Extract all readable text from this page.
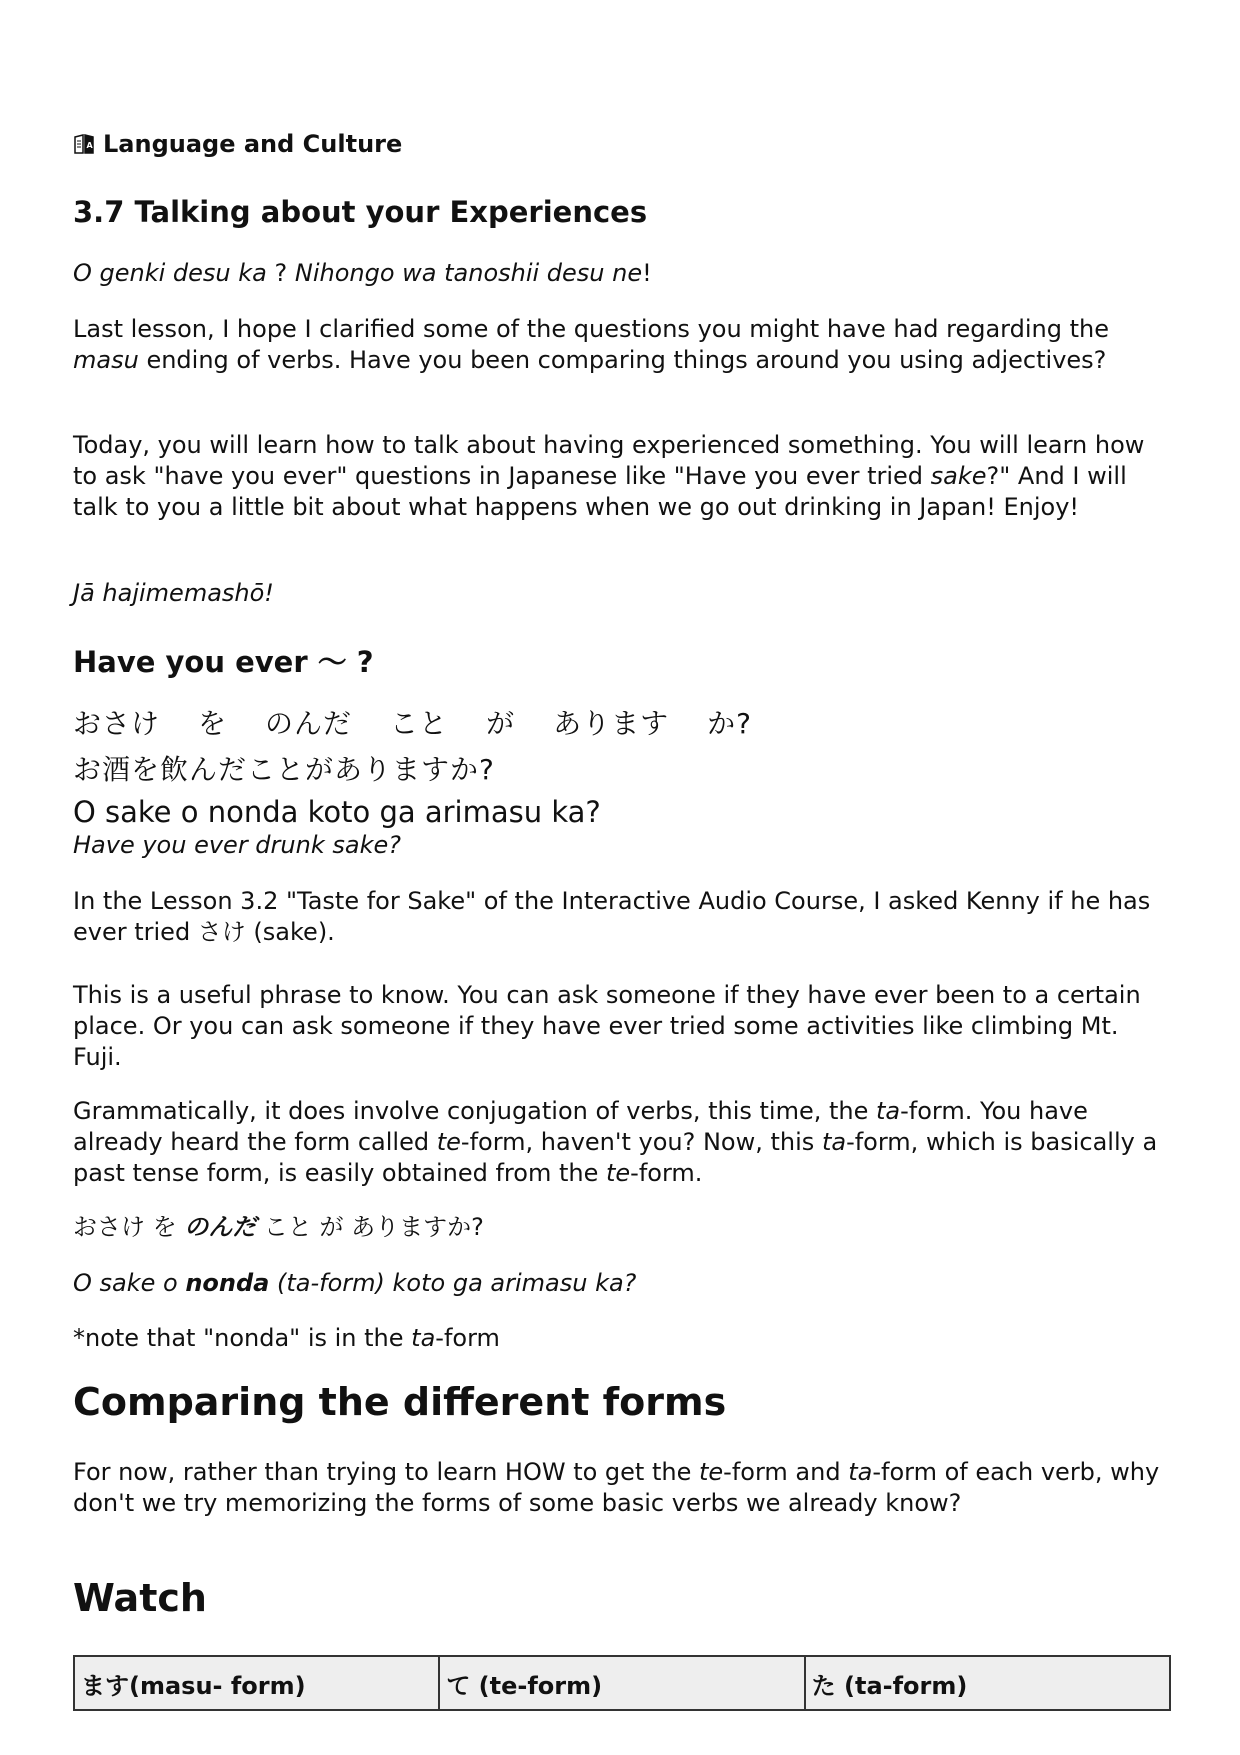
A Language and Culture
3.7 Talking about your Experiences

O genki desu ka ? Nihongo wa tanoshii desu ne!

Last lesson, I hope I clarified some of the questions you might have had regarding the masu ending of verbs. Have you been comparing things around you using adjectives?

Today, you will learn how to talk about having experienced something. You will learn how to ask "have you ever" questions in Japanese like "Have you ever tried sake?" And I will talk to you a little bit about what happens when we go out drinking in Japan! Enjoy!

Jā hajimemashō!

Have you ever ～ ?

おさけ を のんだ こと が あります か?

お酒を飲んだことがありますか?

O sake o nonda koto ga arimasu ka?

Have you ever drunk sake?

In the Lesson 3.2 "Taste for Sake" of the Interactive Audio Course, I asked Kenny if he has ever tried さけ (sake).

This is a useful phrase to know. You can ask someone if they have ever been to a certain place. Or you can ask someone if they have ever tried some activities like climbing Mt. Fuji.

Grammatically, it does involve conjugation of verbs, this time, the ta-form. You have already heard the form called te-form, haven't you? Now, this ta-form, which is basically a past tense form, is easily obtained from the te-form.

おさけ を のんだ こと が ありますか?

O sake o nonda (ta-form) koto ga arimasu ka?

*note that "nonda" is in the ta-form

Comparing the different forms

For now, rather than trying to learn HOW to get the te-form and ta-form of each verb, why don't we try memorizing the forms of some basic verbs we already know?

Watch
ます(masu- form)	て (te-form)	た (ta-form)
